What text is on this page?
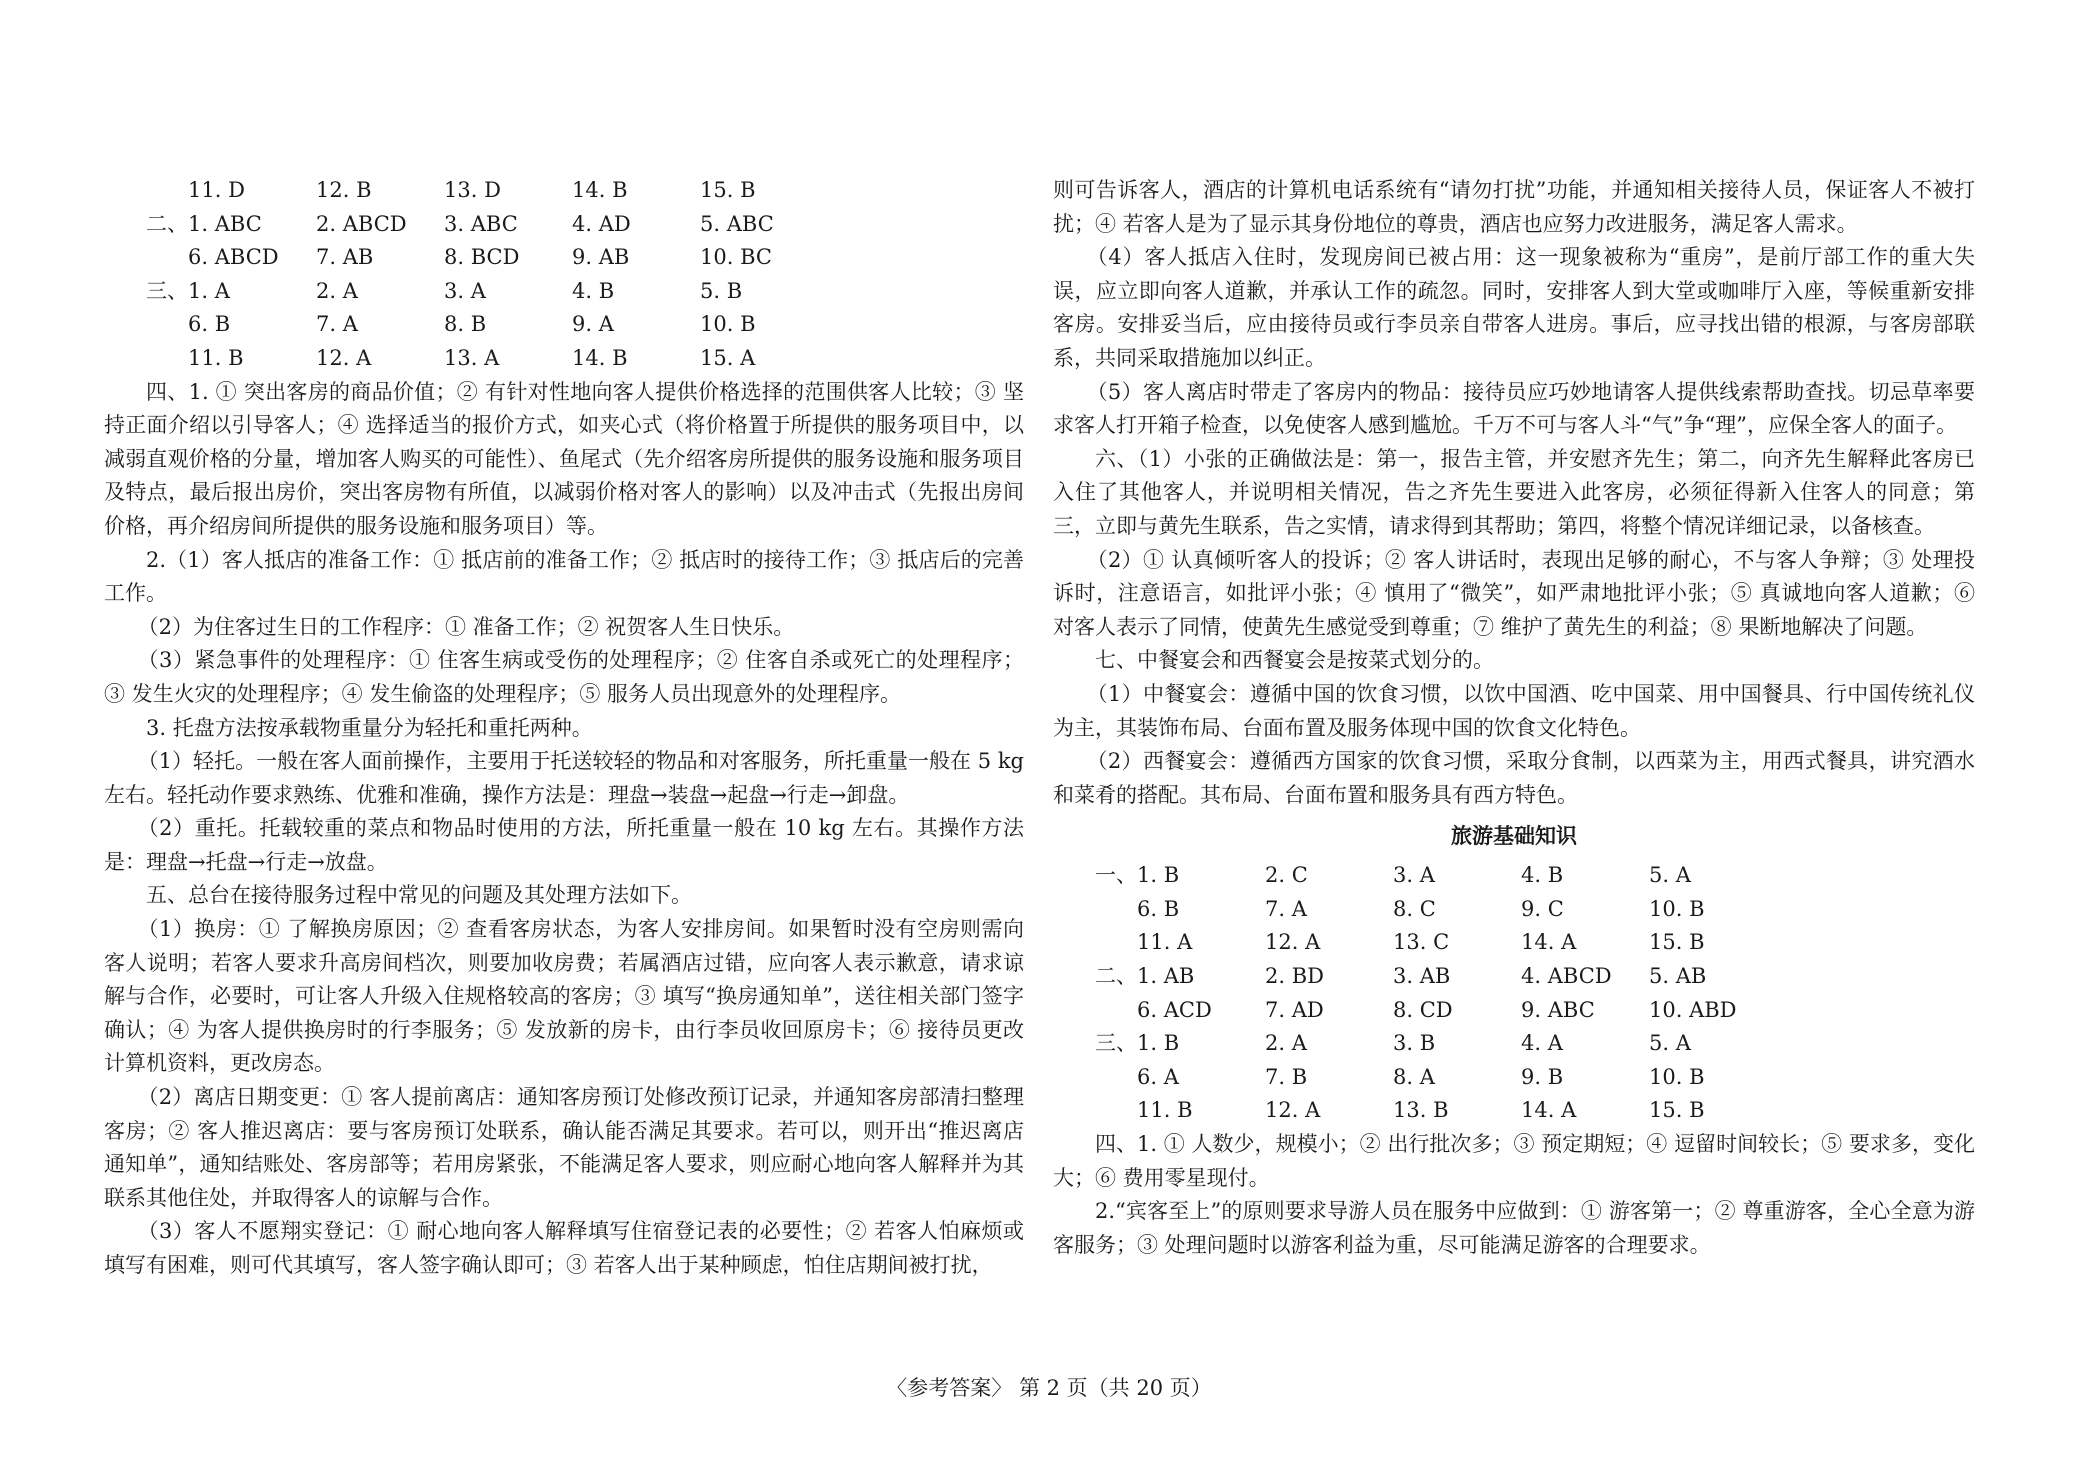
11. D	12. B	13. D	14. B	15. B
二、 1. ABC	2. ABCD	3. ABC	4. AD	5. ABC
6. ABCD	7. AB	8. BCD	9. AB	10. BC
三、 1. A	2. A	3. A	4. B	5. B
6. B	7. A	8. B	9. A	10. B
11. B	12. A	13. A	14. B	15. A

四、1. ① 突出客房的商品价值；② 有针对性地向客人提供价格选择的范围供客人比较；③ 坚持正面介绍以引导客人；④ 选择适当的报价方式，如夹心式（将价格置于所提供的服务项目中，以减弱直观价格的分量，增加客人购买的可能性）、鱼尾式（先介绍客房所提供的服务设施和服务项目及特点，最后报出房价，突出客房物有所值，以减弱价格对客人的影响）以及冲击式（先报出房间价格，再介绍房间所提供的服务设施和服务项目）等。

2.（1）客人抵店的准备工作：① 抵店前的准备工作；② 抵店时的接待工作；③ 抵店后的完善工作。

（2）为住客过生日的工作程序：① 准备工作；② 祝贺客人生日快乐。

（3）紧急事件的处理程序：① 住客生病或受伤的处理程序；② 住客自杀或死亡的处理程序；③ 发生火灾的处理程序；④ 发生偷盗的处理程序；⑤ 服务人员出现意外的处理程序。

3. 托盘方法按承载物重量分为轻托和重托两种。

（1）轻托。一般在客人面前操作，主要用于托送较轻的物品和对客服务，所托重量一般在 5 kg 左右。轻托动作要求熟练、优雅和准确，操作方法是：理盘→装盘→起盘→行走→卸盘。

（2）重托。托载较重的菜点和物品时使用的方法，所托重量一般在 10 kg 左右。其操作方法是：理盘→托盘→行走→放盘。

五、总台在接待服务过程中常见的问题及其处理方法如下。

（1）换房：① 了解换房原因；② 查看客房状态，为客人安排房间。如果暂时没有空房则需向客人说明；若客人要求升高房间档次，则要加收房费；若属酒店过错，应向客人表示歉意，请求谅解与合作，必要时，可让客人升级入住规格较高的客房；③ 填写“换房通知单”，送往相关部门签字确认；④ 为客人提供换房时的行李服务；⑤ 发放新的房卡，由行李员收回原房卡；⑥ 接待员更改计算机资料，更改房态。

（2）离店日期变更：① 客人提前离店：通知客房预订处修改预订记录，并通知客房部清扫整理客房；② 客人推迟离店：要与客房预订处联系，确认能否满足其要求。若可以，则开出“推迟离店通知单”，通知结账处、客房部等；若用房紧张，不能满足客人要求，则应耐心地向客人解释并为其联系其他住处，并取得客人的谅解与合作。

（3）客人不愿翔实登记：① 耐心地向客人解释填写住宿登记表的必要性；② 若客人怕麻烦或填写有困难，则可代其填写，客人签字确认即可；③ 若客人出于某种顾虑，怕住店期间被打扰，

则可告诉客人，酒店的计算机电话系统有“请勿打扰”功能，并通知相关接待人员，保证客人不被打扰；④ 若客人是为了显示其身份地位的尊贵，酒店也应努力改进服务，满足客人需求。

（4）客人抵店入住时，发现房间已被占用：这一现象被称为“重房”，是前厅部工作的重大失误，应立即向客人道歉，并承认工作的疏忽。同时，安排客人到大堂或咖啡厅入座，等候重新安排客房。安排妥当后，应由接待员或行李员亲自带客人进房。事后，应寻找出错的根源，与客房部联系，共同采取措施加以纠正。

（5）客人离店时带走了客房内的物品：接待员应巧妙地请客人提供线索帮助查找。切忌草率要求客人打开箱子检查，以免使客人感到尴尬。千万不可与客人斗“气”争“理”，应保全客人的面子。

六、（1）小张的正确做法是：第一，报告主管，并安慰齐先生；第二，向齐先生解释此客房已入住了其他客人，并说明相关情况，告之齐先生要进入此客房，必须征得新入住客人的同意；第三，立即与黄先生联系，告之实情，请求得到其帮助；第四，将整个情况详细记录，以备核查。

（2）① 认真倾听客人的投诉；② 客人讲话时，表现出足够的耐心，不与客人争辩；③ 处理投诉时，注意语言，如批评小张；④ 慎用了“微笑”，如严肃地批评小张；⑤ 真诚地向客人道歉；⑥ 对客人表示了同情，使黄先生感觉受到尊重；⑦ 维护了黄先生的利益；⑧ 果断地解决了问题。

七、中餐宴会和西餐宴会是按菜式划分的。

（1）中餐宴会：遵循中国的饮食习惯，以饮中国酒、吃中国菜、用中国餐具、行中国传统礼仪为主，其装饰布局、台面布置及服务体现中国的饮食文化特色。

（2）西餐宴会：遵循西方国家的饮食习惯，采取分食制，以西菜为主，用西式餐具，讲究酒水和菜肴的搭配。其布局、台面布置和服务具有西方特色。

旅游基础知识
一、 1. B	2. C	3. A	4. B	5. A
6. B	7. A	8. C	9. C	10. B
11. A	12. A	13. C	14. A	15. B
二、 1. AB	2. BD	3. AB	4. ABCD	5. AB
6. ACD	7. AD	8. CD	9. ABC	10. ABD
三、 1. B	2. A	3. B	4. A	5. A
6. A	7. B	8. A	9. B	10. B
11. B	12. A	13. B	14. A	15. B

四、1. ① 人数少，规模小；② 出行批次多；③ 预定期短；④ 逗留时间较长；⑤ 要求多，变化大；⑥ 费用零星现付。

2.“宾客至上”的原则要求导游人员在服务中应做到：① 游客第一；② 尊重游客，全心全意为游客服务；③ 处理问题时以游客利益为重，尽可能满足游客的合理要求。

〈参考答案〉 第 2 页（共 20 页）
